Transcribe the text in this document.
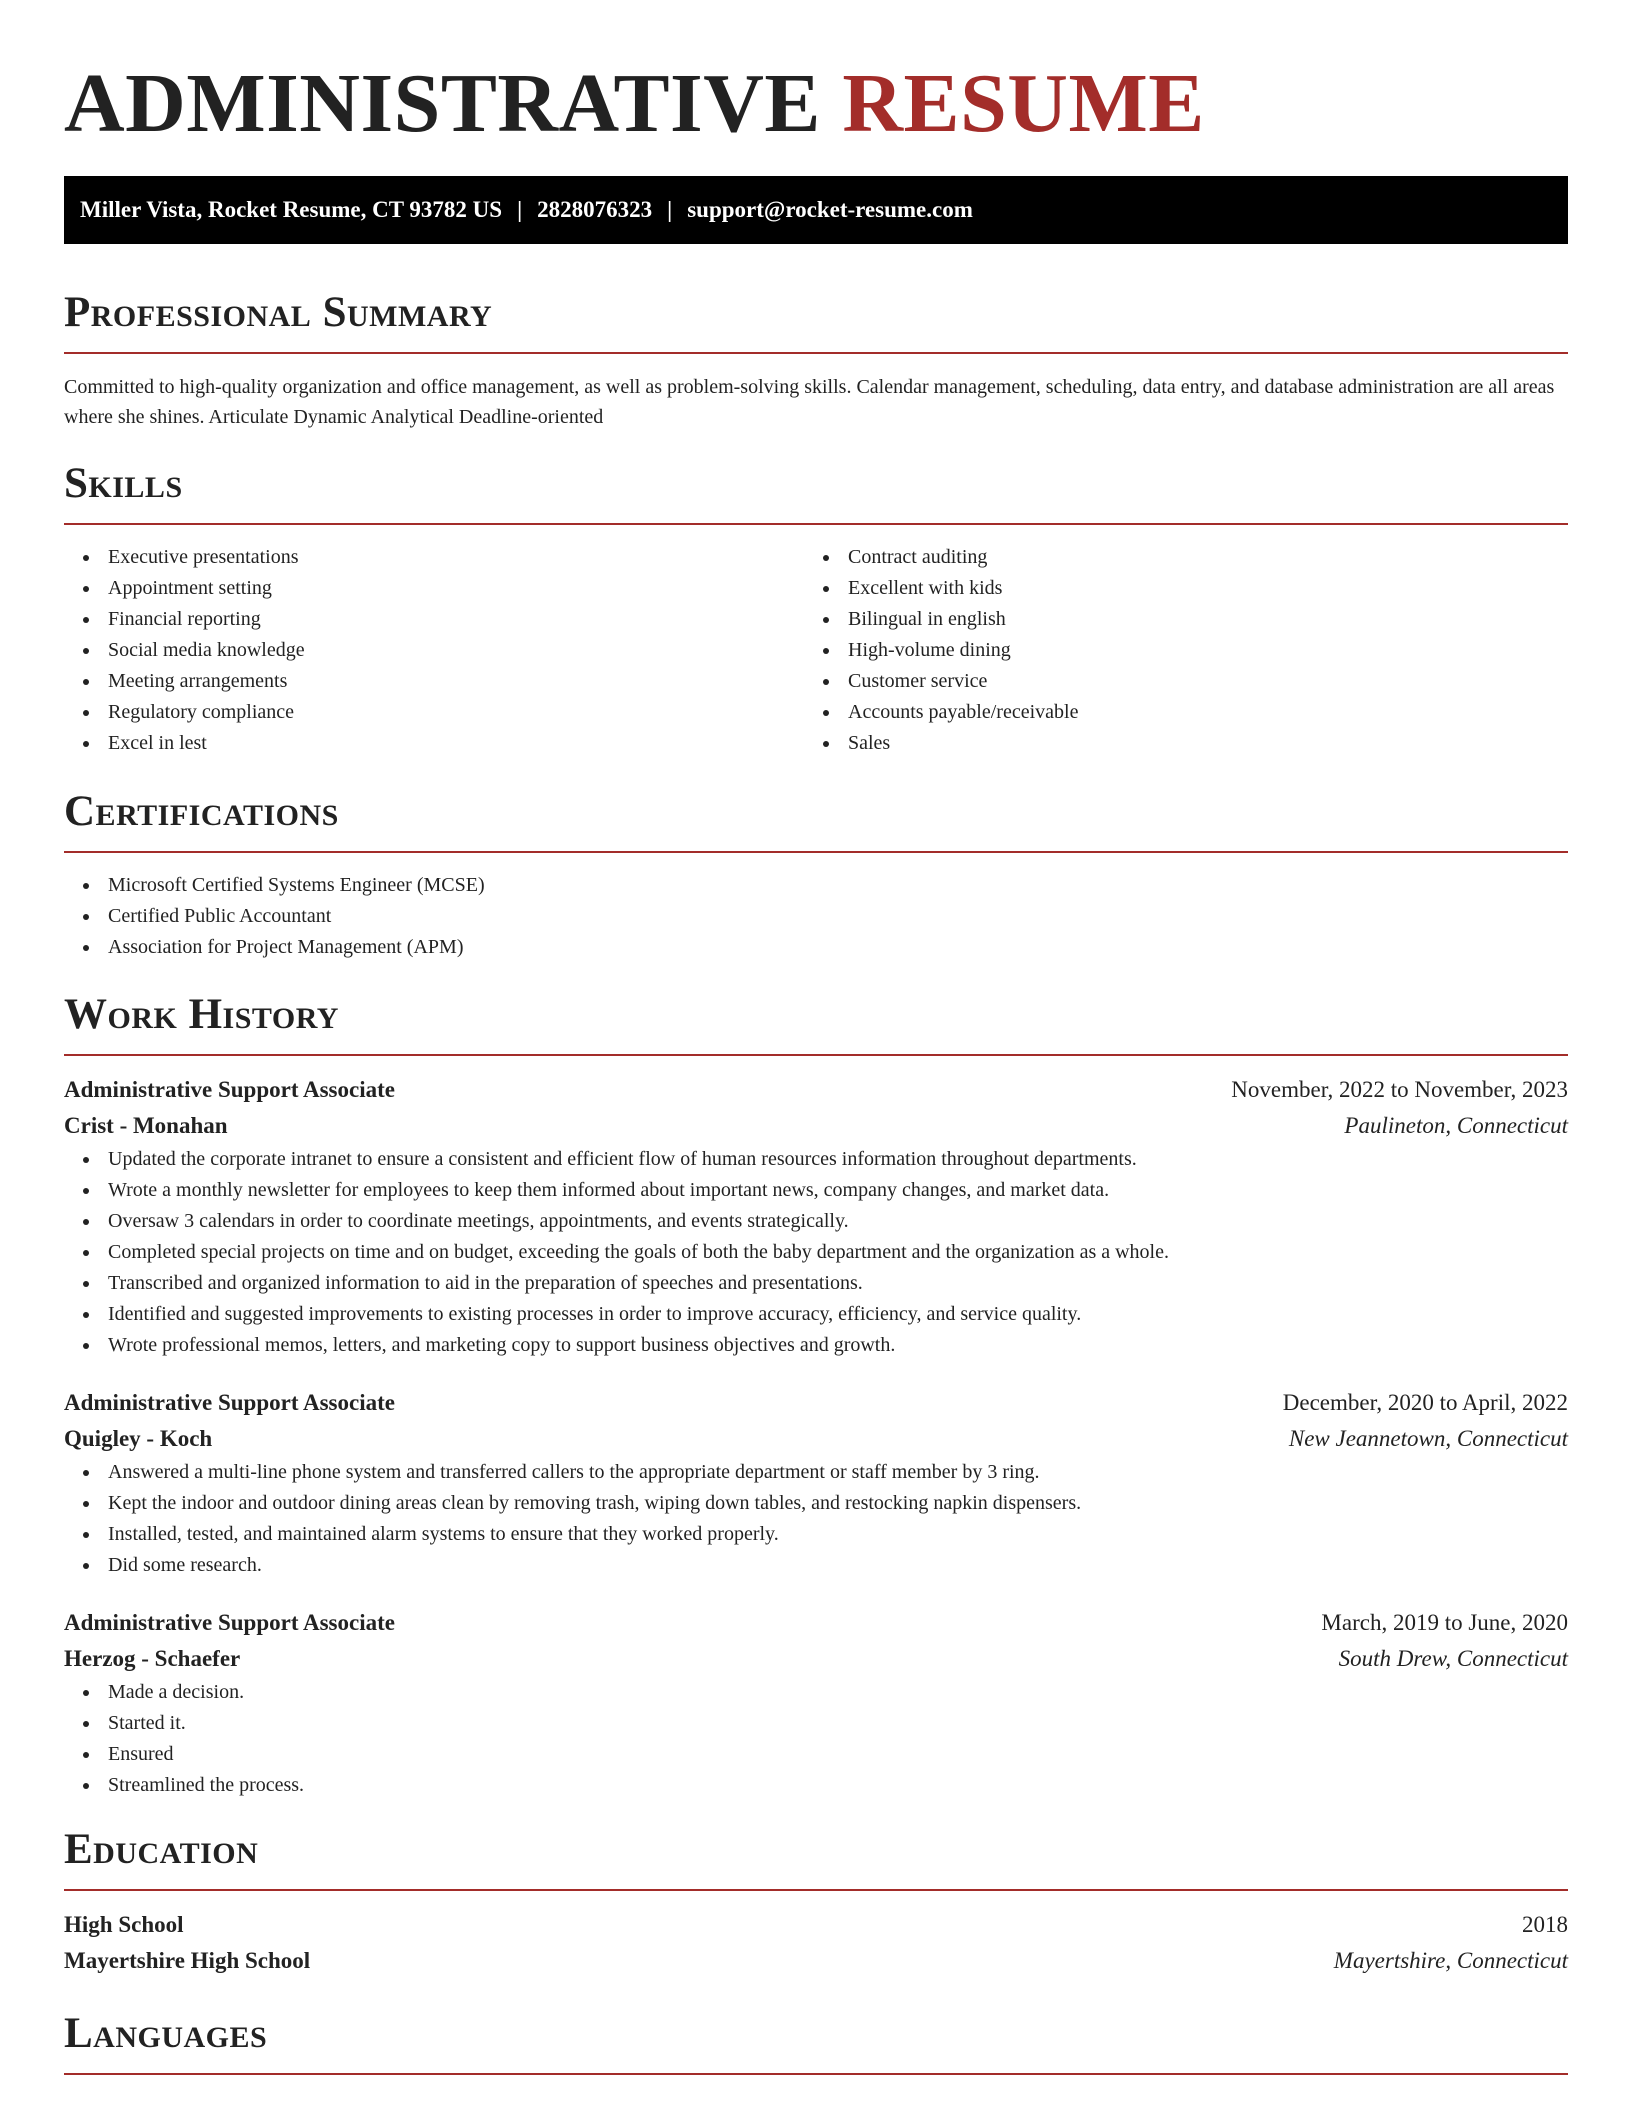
ADMINISTRATIVE RESUME
Miller Vista, Rocket Resume, CT 93782 US | 2828076323 | support@rocket-resume.com
Professional Summary

Committed to high-quality organization and office management, as well as problem-solving skills. Calendar management, scheduling, data entry, and database administration are all areas where she shines. Articulate Dynamic Analytical Deadline-oriented

Skills
Executive presentations
Appointment setting
Financial reporting
Social media knowledge
Meeting arrangements
Regulatory compliance
Excel in lest
Contract auditing
Excellent with kids
Bilingual in english
High-volume dining
Customer service
Accounts payable/receivable
Sales
Certifications
Microsoft Certified Systems Engineer (MCSE)
Certified Public Accountant
Association for Project Management (APM)
Work History
Administrative Support Associate	November, 2022 to November, 2023
Crist - Monahan	Paulineton, Connecticut
Updated the corporate intranet to ensure a consistent and efficient flow of human resources information throughout departments.
Wrote a monthly newsletter for employees to keep them informed about important news, company changes, and market data.
Oversaw 3 calendars in order to coordinate meetings, appointments, and events strategically.
Completed special projects on time and on budget, exceeding the goals of both the baby department and the organization as a whole.
Transcribed and organized information to aid in the preparation of speeches and presentations.
Identified and suggested improvements to existing processes in order to improve accuracy, efficiency, and service quality.
Wrote professional memos, letters, and marketing copy to support business objectives and growth.
Administrative Support Associate	December, 2020 to April, 2022
Quigley - Koch	New Jeannetown, Connecticut
Answered a multi-line phone system and transferred callers to the appropriate department or staff member by 3 ring.
Kept the indoor and outdoor dining areas clean by removing trash, wiping down tables, and restocking napkin dispensers.
Installed, tested, and maintained alarm systems to ensure that they worked properly.
Did some research.
Administrative Support Associate	March, 2019 to June, 2020
Herzog - Schaefer	South Drew, Connecticut
Made a decision.
Started it.
Ensured
Streamlined the process.
Education
High School	2018
Mayertshire High School	Mayertshire, Connecticut
Languages
